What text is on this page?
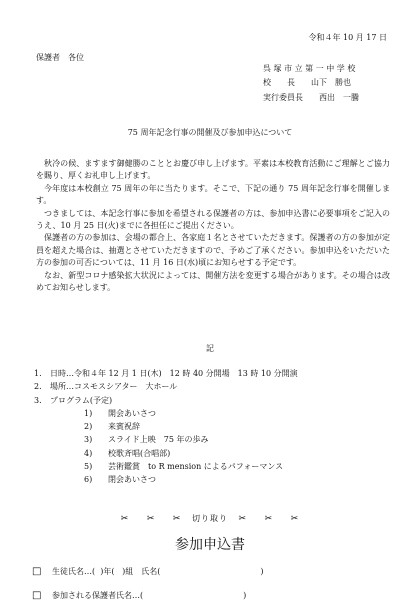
令和４年 10 月 17 日
保護者　各位
呉 塚 市 立 第 一 中 学 校
校　　長　　山下　勝也
実行委員長　　西出　一騰
75 周年記念行事の開催及び参加申込について

秋冷の候、ますます御健勝のこととお慶び申し上げます。平素は本校教育活動にご理解とご協力を賜り、厚くお礼申し上げます。

今年度は本校創立 75 周年の年に当たります。そこで、下記の通り 75 周年記念行事を開催します。

つきましては、本記念行事に参加を希望される保護者の方は、参加申込書に必要事項をご記入のうえ、10 月 25 日(火)までに各担任にご提出ください。

保護者の方の参加は、会場の都合上、各家庭１名とさせていただきます。保護者の方の参加が定員を超えた場合は、抽選とさせていただきますので、予めご了承ください。参加申込をいただいた方の参加の可否については、11 月 16 日(水)頃にお知らせする予定です。

なお、新型コロナ感染拡大状況によっては、開催方法を変更する場合があります。その場合は改めてお知らせします。

記
1. 日時…令和４年 12 月 1 日(木)　12 時 40 分開場　13 時 10 分開演
2. 場所…コスモスシアター　大ホール
3. プログラム(予定)
1) 開会あいさつ
2) 来賓祝辞
3) スライド上映　75 年の歩み
4) 校歌斉唱(合唱部)
5) 芸術鑑賞　to R mension によるパフォーマンス
6) 閉会あいさつ
✂ ✂ ✂ 切り取り ✂ ✂ ✂
参加申込書
□ 生徒氏名…( )年( )組　氏名(	)
□ 参加される保護者氏名…(	)
